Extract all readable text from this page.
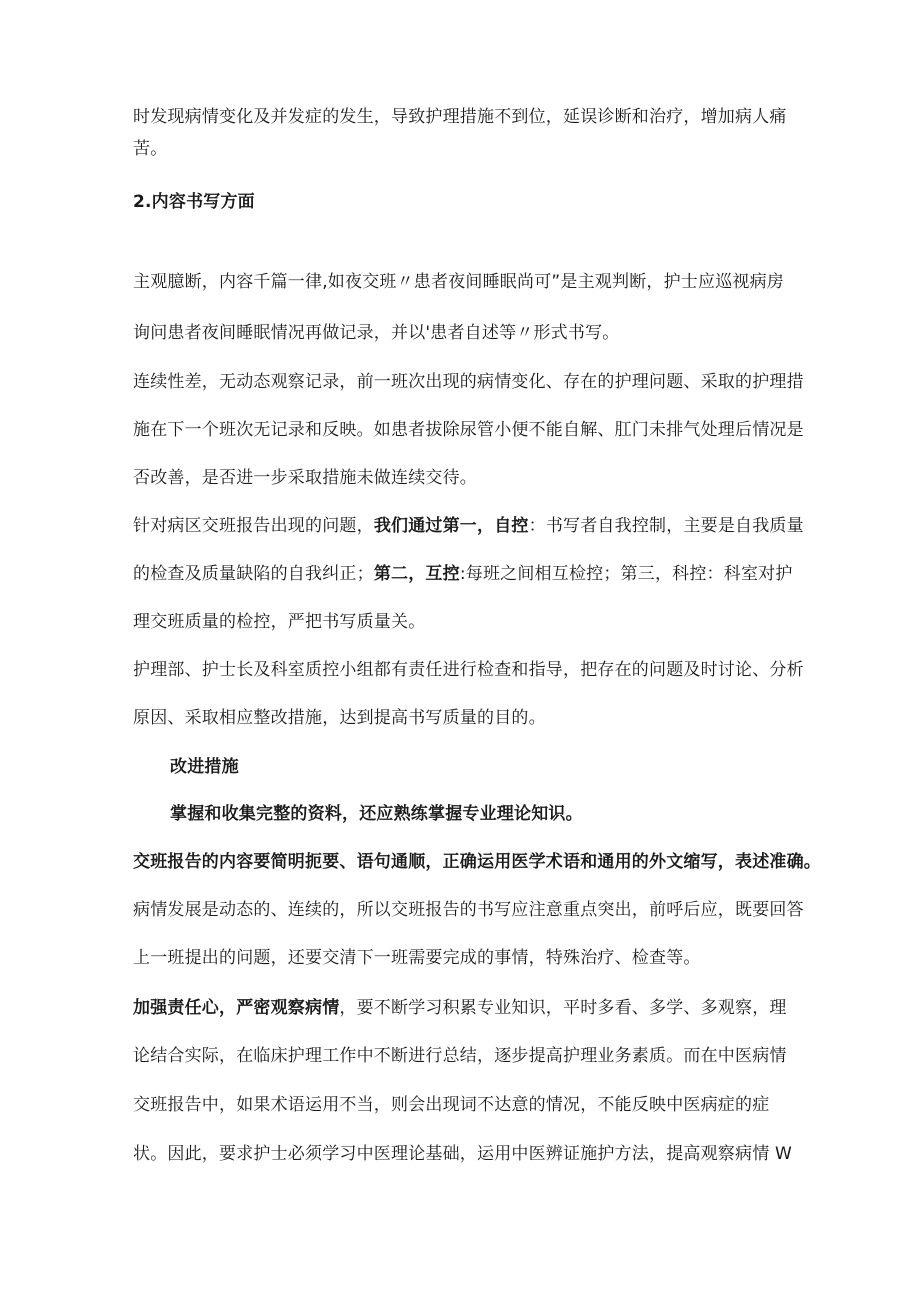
时发现病情变化及并发症的发生，导致护理措施不到位，延误诊断和治疗，增加病人痛
苦。
2.内容书写方面
主观臆断，内容千篇一律,如夜交班〃患者夜间睡眠尚可”是主观判断，护士应巡视病房
询问患者夜间睡眠情况再做记录，并以'患者自述等〃形式书写。
连续性差，无动态观察记录，前一班次出现的病情变化、存在的护理问题、采取的护理措
施在下一个班次无记录和反映。如患者拔除尿管小便不能自解、肛门未排气处理后情况是
否改善，是否进一步采取措施未做连续交待。
针对病区交班报告出现的问题，我们通过第一，自控：书写者自我控制，主要是自我质量
的检查及质量缺陷的自我纠正；第二，互控:每班之间相互检控；第三，科控：科室对护
理交班质量的检控，严把书写质量关。
护理部、护士长及科室质控小组都有责任进行检查和指导，把存在的问题及时讨论、分析
原因、采取相应整改措施，达到提高书写质量的目的。
改进措施
掌握和收集完整的资料，还应熟练掌握专业理论知识。
交班报告的内容要简明扼要、语句通顺，正确运用医学术语和通用的外文缩写，表述准确。
病情发展是动态的、连续的，所以交班报告的书写应注意重点突出，前呼后应，既要回答
上一班提出的问题，还要交清下一班需要完成的事情，特殊治疗、检查等。
加强责任心，严密观察病情，要不断学习积累专业知识，平时多看、多学、多观察，理
论结合实际，在临床护理工作中不断进行总结，逐步提高护理业务素质。而在中医病情
交班报告中，如果术语运用不当，则会出现词不达意的情况，不能反映中医病症的症
状。因此，要求护士必须学习中医理论基础，运用中医辨证施护方法，提高观察病情 W
